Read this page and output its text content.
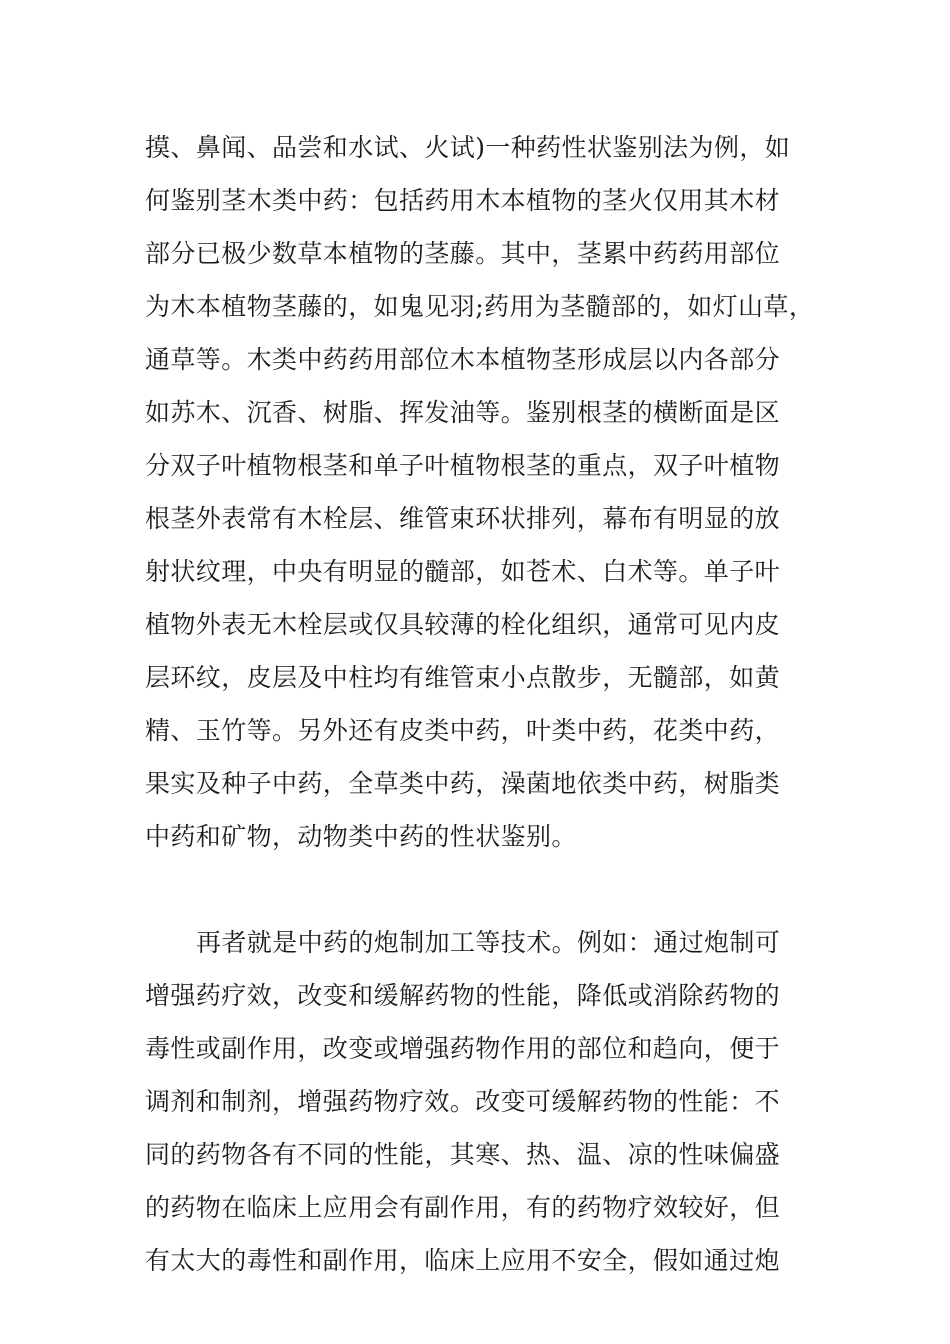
摸、鼻闻、品尝和水试、火试)一种药性状鉴别法为例，如

何鉴别茎木类中药：包括药用木本植物的茎火仅用其木材

部分已极少数草本植物的茎藤。其中，茎累中药药用部位

为木本植物茎藤的，如鬼见羽;药用为茎髓部的，如灯山草，

通草等。木类中药药用部位木本植物茎形成层以内各部分

如苏木、沉香、树脂、挥发油等。鉴别根茎的横断面是区

分双子叶植物根茎和单子叶植物根茎的重点，双子叶植物

根茎外表常有木栓层、维管束环状排列，幕布有明显的放

射状纹理，中央有明显的髓部，如苍术、白术等。单子叶

植物外表无木栓层或仅具较薄的栓化组织，通常可见内皮

层环纹，皮层及中柱均有维管束小点散步，无髓部，如黄

精、玉竹等。另外还有皮类中药，叶类中药，花类中药，

果实及种子中药，全草类中药，澡菌地依类中药，树脂类

中药和矿物，动物类中药的性状鉴别。

再者就是中药的炮制加工等技术。例如：通过炮制可

增强药疗效，改变和缓解药物的性能，降低或消除药物的

毒性或副作用，改变或增强药物作用的部位和趋向，便于

调剂和制剂，增强药物疗效。改变可缓解药物的性能：不

同的药物各有不同的性能，其寒、热、温、凉的性味偏盛

的药物在临床上应用会有副作用，有的药物疗效较好，但

有太大的毒性和副作用，临床上应用不安全，假如通过炮
